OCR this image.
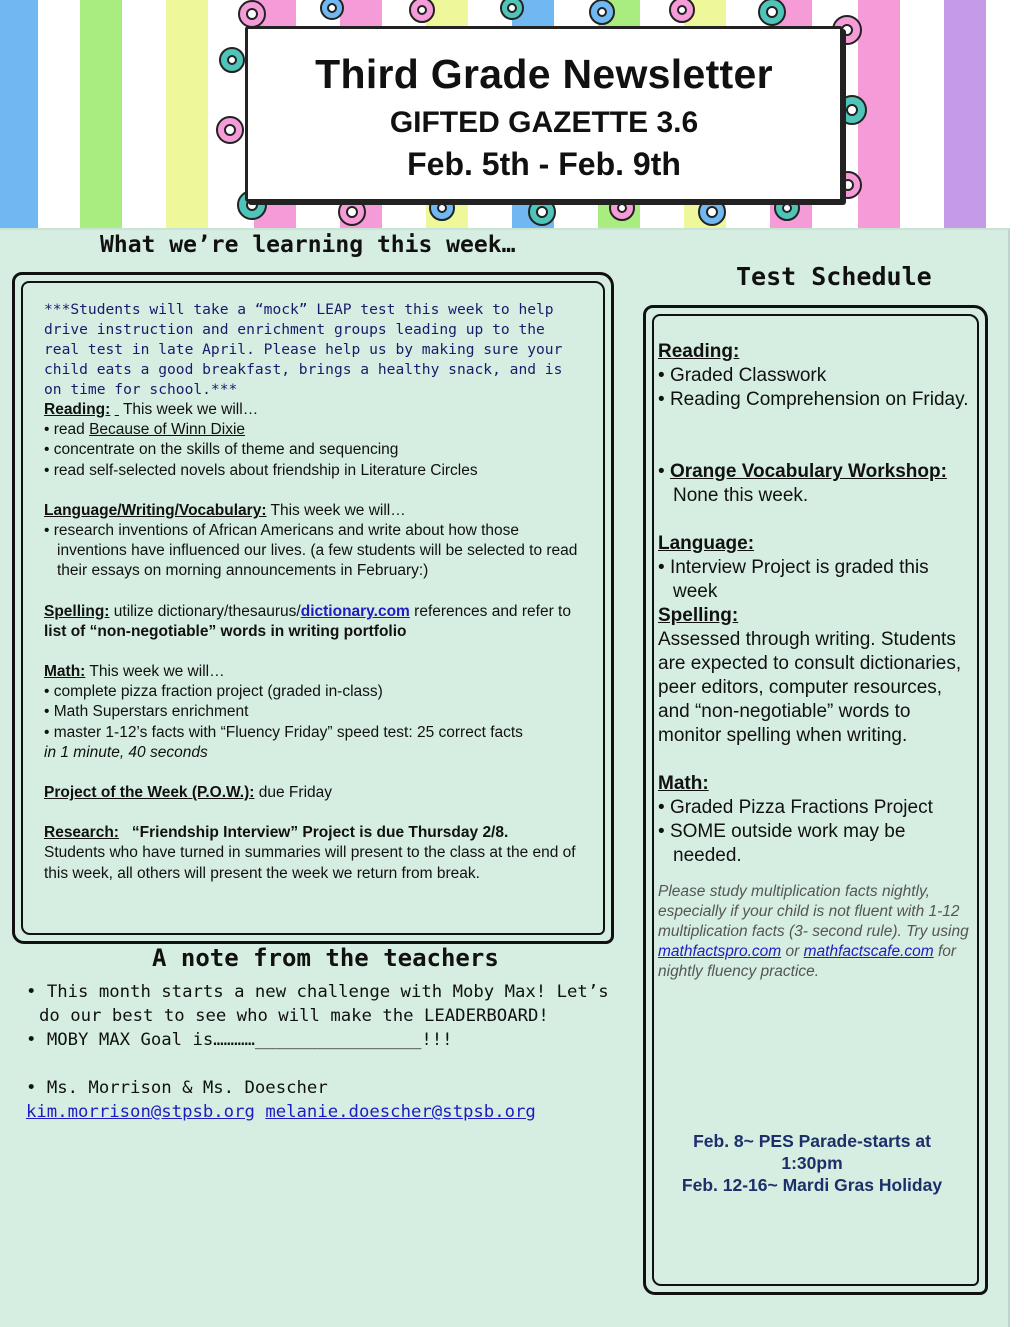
Third Grade Newsletter
GIFTED GAZETTE 3.6
Feb. 5th - Feb. 9th
What we’re learning this week…
Test Schedule
A note from the teachers
***Students will take a “mock” LEAP test this week to help drive instruction and enrichment groups leading up to the real test in late April. Please help us by making sure your child eats a good breakfast, brings a healthy snack, and is on time for school.***
Reading: This week we will…
• read Because of Winn Dixie
• concentrate on the skills of theme and sequencing
• read self-selected novels about friendship in Literature Circles
Language/Writing/Vocabulary: This week we will…
• research inventions of African Americans and write about how those inventions have influenced our lives. (a few students will be selected to read their essays on morning announcements in February:)
Spelling: utilize dictionary/thesaurus/dictionary.com references and refer to list of “non-negotiable” words in writing portfolio
Math: This week we will…
• complete pizza fraction project (graded in-class)
• Math Superstars enrichment
• master 1-12’s facts with “Fluency Friday” speed test: 25 correct facts
in 1 minute, 40 seconds
Project of the Week (P.O.W.): due Friday
Research: “Friendship Interview” Project is due Thursday 2/8.
Students who have turned in summaries will present to the class at the end of this week, all others will present the week we return from break.
Reading:
• Graded Classwork
• Reading Comprehension on Friday.
• Orange Vocabulary Workshop:
None this week.
Language:
• Interview Project is graded this week
Spelling:
Assessed through writing. Students are expected to consult dictionaries, peer editors, computer resources, and “non-negotiable” words to monitor spelling when writing.
Math:
• Graded Pizza Fractions Project
• SOME outside work may be needed.
Please study multiplication facts nightly, especially if your child is not fluent with 1-12 multiplication facts (3- second rule). Try using mathfactspro.com or mathfactscafe.com for nightly fluency practice.
Feb. 8~ PES Parade-starts at 1:30pm
Feb. 12-16~ Mardi Gras Holiday
• This month starts a new challenge with Moby Max! Let’s do our best to see who will make the LEADERBOARD!
• MOBY MAX Goal is…………________________!!!
• Ms. Morrison & Ms. Doescher
kim.morrison@stpsb.org melanie.doescher@stpsb.org
